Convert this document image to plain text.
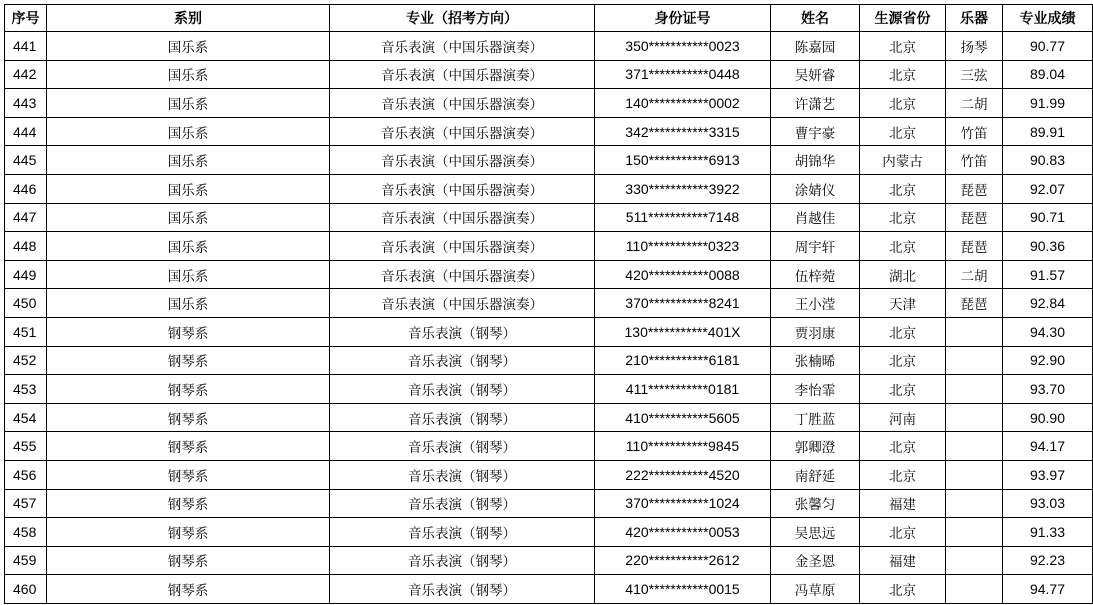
序号	系别	专业（招考方向）	身份证号	姓名	生源省份	乐器	专业成绩
441	国乐系	音乐表演（中国乐器演奏）	350***********0023	陈嘉园	北京	扬琴	90.77
442	国乐系	音乐表演（中国乐器演奏）	371***********0448	吴妍睿	北京	三弦	89.04
443	国乐系	音乐表演（中国乐器演奏）	140***********0002	许潇艺	北京	二胡	91.99
444	国乐系	音乐表演（中国乐器演奏）	342***********3315	曹宇豪	北京	竹笛	89.91
445	国乐系	音乐表演（中国乐器演奏）	150***********6913	胡锦华	内蒙古	竹笛	90.83
446	国乐系	音乐表演（中国乐器演奏）	330***********3922	涂婧仪	北京	琵琶	92.07
447	国乐系	音乐表演（中国乐器演奏）	511***********7148	肖越佳	北京	琵琶	90.71
448	国乐系	音乐表演（中国乐器演奏）	110***********0323	周宇轩	北京	琵琶	90.36
449	国乐系	音乐表演（中国乐器演奏）	420***********0088	伍梓菀	湖北	二胡	91.57
450	国乐系	音乐表演（中国乐器演奏）	370***********8241	王小滢	天津	琵琶	92.84
451	钢琴系	音乐表演（钢琴）	130***********401X	贾羽康	北京		94.30
452	钢琴系	音乐表演（钢琴）	210***********6181	张楠晞	北京		92.90
453	钢琴系	音乐表演（钢琴）	411***********0181	李怡霏	北京		93.70
454	钢琴系	音乐表演（钢琴）	410***********5605	丁胜蓝	河南		90.90
455	钢琴系	音乐表演（钢琴）	110***********9845	郭卿澄	北京		94.17
456	钢琴系	音乐表演（钢琴）	222***********4520	南舒延	北京		93.97
457	钢琴系	音乐表演（钢琴）	370***********1024	张馨匀	福建		93.03
458	钢琴系	音乐表演（钢琴）	420***********0053	吴思远	北京		91.33
459	钢琴系	音乐表演（钢琴）	220***********2612	金圣恩	福建		92.23
460	钢琴系	音乐表演（钢琴）	410***********0015	冯草原	北京		94.77
